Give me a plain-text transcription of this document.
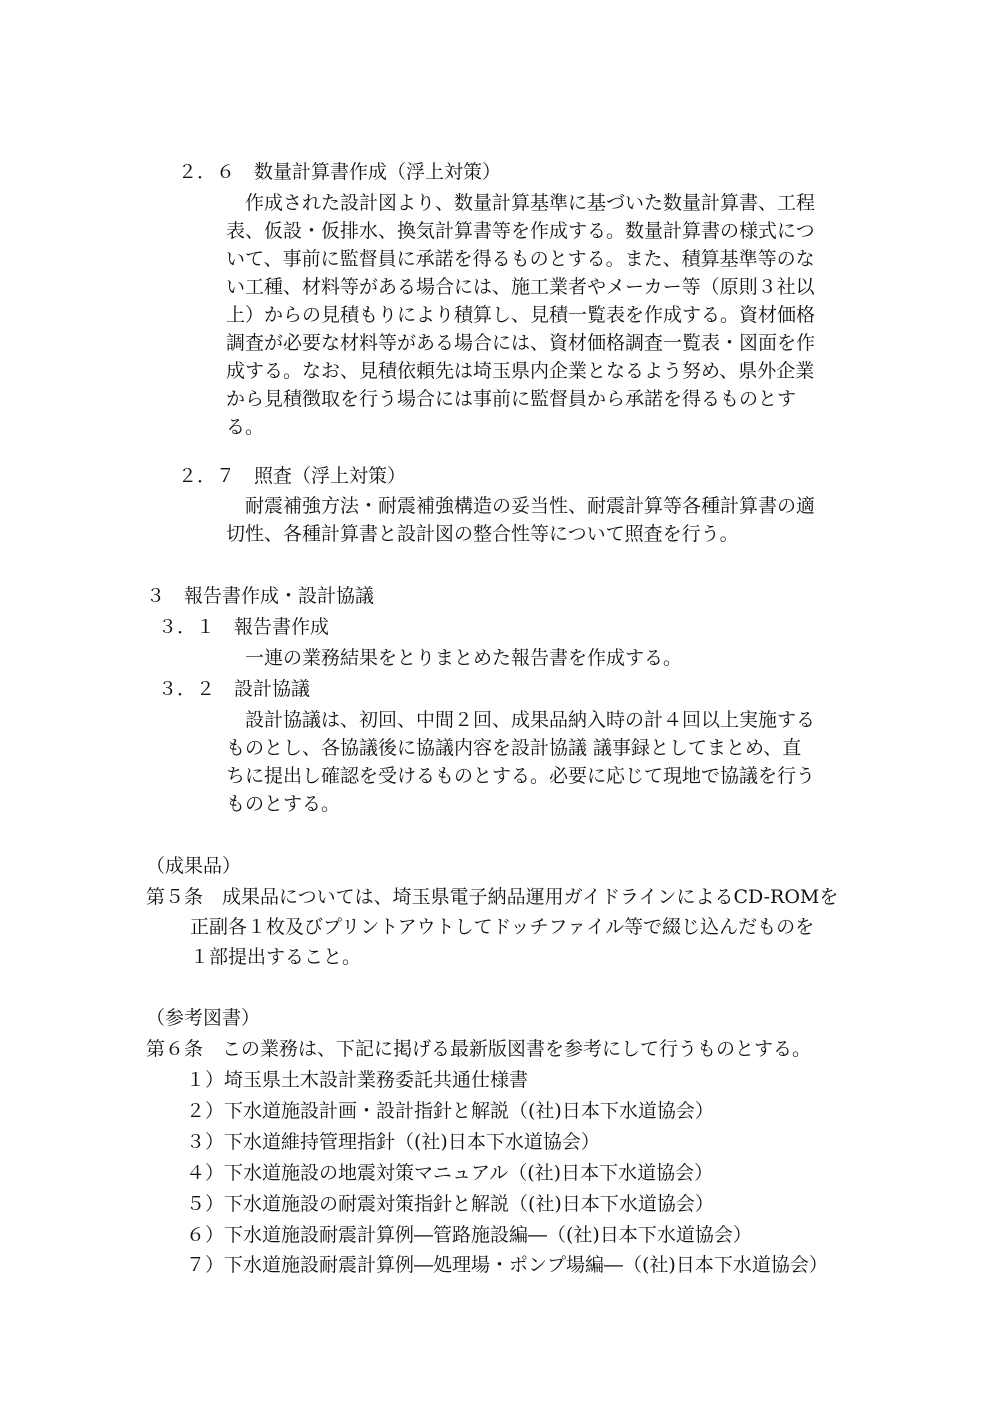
２．６　数量計算書作成（浮上対策）
　作成された設計図より、数量計算基準に基づいた数量計算書、工程
表、仮設・仮排水、換気計算書等を作成する。数量計算書の様式につ
いて、事前に監督員に承諾を得るものとする。また、積算基準等のな
い工種、材料等がある場合には、施工業者やメーカー等（原則３社以
上）からの見積もりにより積算し、見積一覧表を作成する。資材価格
調査が必要な材料等がある場合には、資材価格調査一覧表・図面を作
成する。なお、見積依頼先は埼玉県内企業となるよう努め、県外企業
から見積徴取を行う場合には事前に監督員から承諾を得るものとす
る。
２．７　照査（浮上対策）
　耐震補強方法・耐震補強構造の妥当性、耐震計算等各種計算書の適
切性、各種計算書と設計図の整合性等について照査を行う。
３　報告書作成・設計協議
３．１　報告書作成
　一連の業務結果をとりまとめた報告書を作成する。
３．２　設計協議
　設計協議は、初回、中間２回、成果品納入時の計４回以上実施する
ものとし、各協議後に協議内容を設計協議 議事録としてまとめ、直
ちに提出し確認を受けるものとする。必要に応じて現地で協議を行う
ものとする。
（成果品）
第５条　成果品については、埼玉県電子納品運用ガイドラインによるCD-ROMを
正副各１枚及びプリントアウトしてドッチファイル等で綴じ込んだものを
１部提出すること。
（参考図書）
第６条　この業務は、下記に掲げる最新版図書を参考にして行うものとする。
１）埼玉県土木設計業務委託共通仕様書
２）下水道施設計画・設計指針と解説（(社)日本下水道協会）
３）下水道維持管理指針（(社)日本下水道協会）
４）下水道施設の地震対策マニュアル（(社)日本下水道協会）
５）下水道施設の耐震対策指針と解説（(社)日本下水道協会）
６）下水道施設耐震計算例―管路施設編―（(社)日本下水道協会）
７）下水道施設耐震計算例―処理場・ポンプ場編―（(社)日本下水道協会）
